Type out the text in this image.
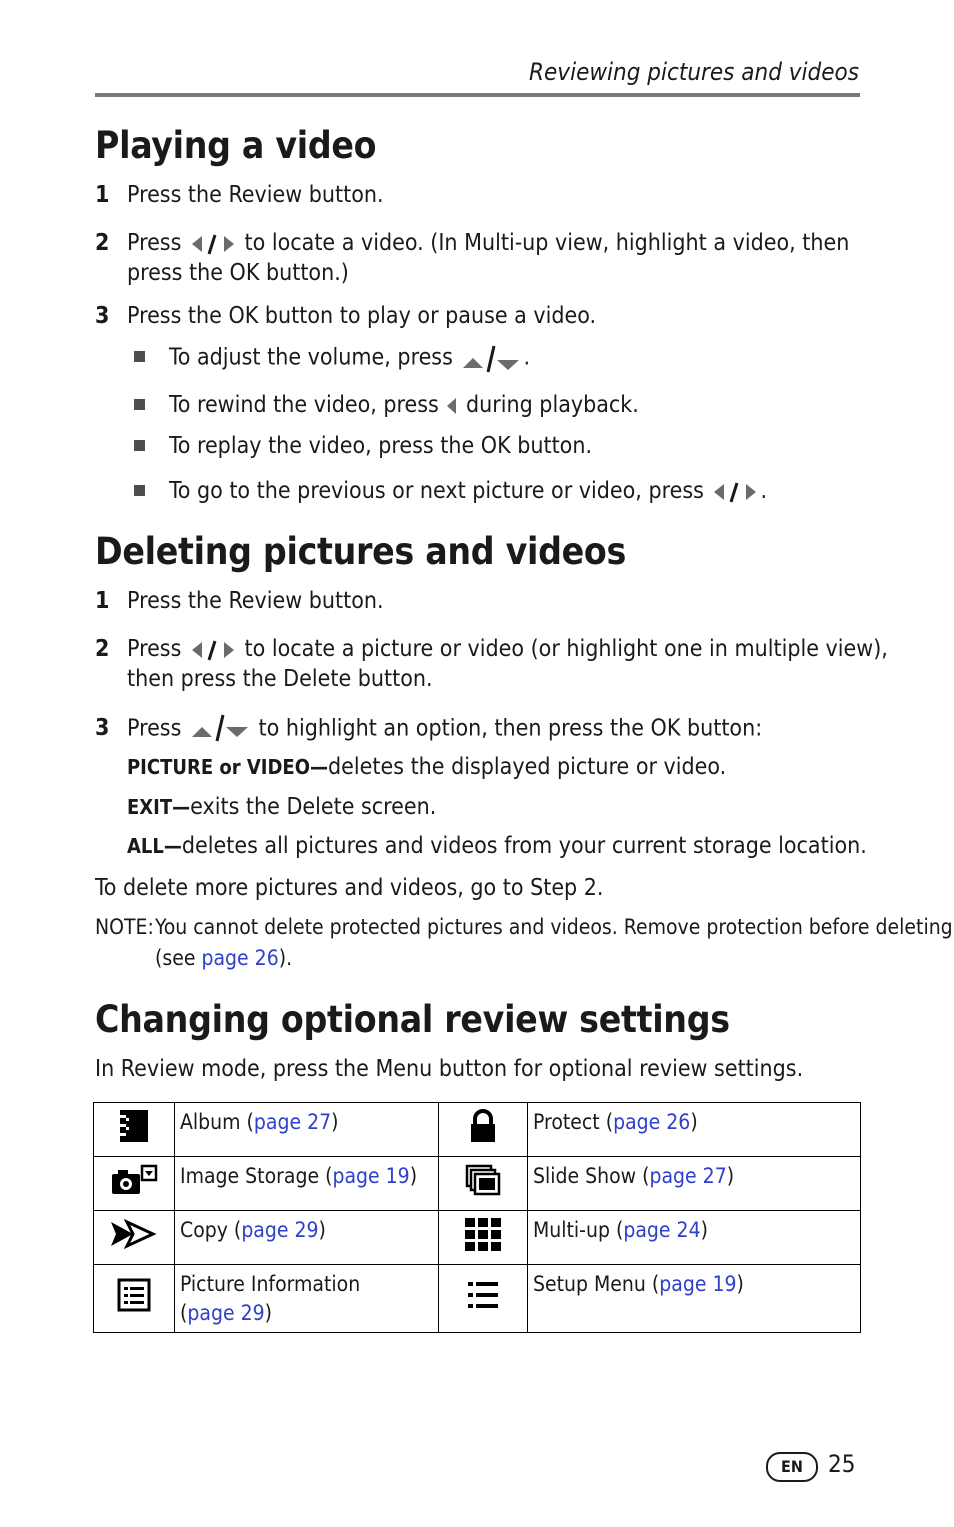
Reviewing pictures and videos
Playing a video
1 Press the Review button.
2 Press	to locate a video. (In Multi-up view, highlight a video, then
press the OK button.)
3 Press the OK button to play or pause a video.
To adjust the volume, press	.
To rewind the video, press during playback.
To replay the video, press the OK button.
To go to the previous or next picture or video, press .
Deleting pictures and videos
1 Press the Review button.
2 Press	to locate a picture or video (or highlight one in multiple view),
then press the Delete button.
3 Press	to highlight an option, then press the OK button:
PICTURE or VIDEO—deletes the displayed picture or video.
EXIT—exits the Delete screen.
ALL—deletes all pictures and videos from your current storage location.
To delete more pictures and videos, go to Step 2.
NOTE: You cannot delete protected pictures and videos. Remove protection before deleting
(see page 26).
Changing optional review settings
In Review mode, press the Menu button for optional review settings.
	Album (page 27)		Protect (page 26)
	Image Storage (page 19)		Slide Show (page 27)
	Copy (page 29)		Multi-up (page 24)
	Picture Information
(page 29)		Setup Menu (page 19)
EN	25
